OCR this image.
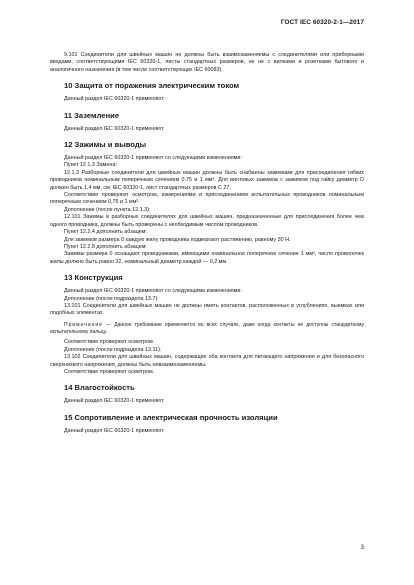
ГОСТ IEC 60320-2-1—2017

9.101 Соединители для швейных машин не должны быть взаимозаменяемы с соединителями или приборными вводами, соответствующими IEC 60320-1, листы стандартных размеров, не не с вилками и розетками бытового и аналогичного назначения (в том числе соответствующих IEC 60083).

10 Защита от поражения электрическим током

Данный раздел IEC 60320-1 применяют.

11 Заземление

Данный раздел IEC 60320-1 применяют.

12 Зажимы и выводы

Данный раздел IEC 60320-1 применяют со следующими изменениями:

Пункт 12.1.3 Замена:

12.1.3 Разборные соединители для швейных машин должны быть снабжены зажимами для присоединения гибких проводников номинальным поперечным сечением 0,75 и 1 мм². Для винтовых зажимов с зажимом под гайку диаметр D должен быть 1,4 мм, см. IEC 60320-1, лист стандартных размеров С 27.

Соответствие проверяют осмотром, измерениями и присоединением испытательных проводников номинальным поперечным сечением 0,75 и 1 мм².

Дополнение (после пункта 12.1.3):

12.101 Зажимы в разборных соединителях для швейных машин, предназначенные для присоединения более чем одного проводника, должны быть проверены с необходимым числом проводников.

Пункт 12.2.4 дополнить абзацем:

Для зажимов размера 0 каждую жилу проводника подвергают растяжению, равному 30 Н.

Пункт 12.2.8 дополнить абзацем:

Зажимы размера 0 оснащают проводниками, имеющими номинальное поперечное сечение 1 мм², число проволочек жилы должно быть равно 32, номинальный диаметр каждой — 0,2 мм.

13 Конструкция

Данный раздел IEC 60320-1 применяют со следующими изменениями:

Дополнение (после подраздела 13.7):

13.101 Соединители для швейных машин не должны иметь контактов, расположенных в углублениях, выемках или подобных элементах.

Примечание — Данное требование применяется во всех случаях, даже когда контакты не доступны стандартному испытательному пальцу.

Соответствие проверяют осмотром.

Дополнение (после подраздела 13.11).

13.102 Соединители для швейных машин, содержащие оба контакта для питающего напряжения и для безопасного сверхнизкого напряжения, должны быть невзаимозаменяемы.

Соответствие проверяют осмотром.

14 Влагостойкость

Данный раздел IEC 60320-1 применяют.

15 Сопротивление и электрическая прочность изоляции

Данный раздел IEC 60320-1 применяют.

3
